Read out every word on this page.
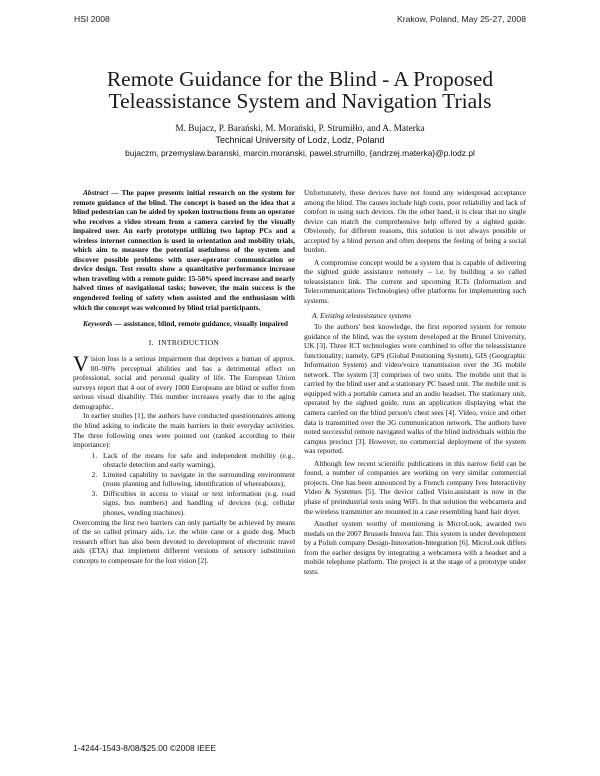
HSI 2008	Krakow, Poland, May 25-27, 2008
Remote Guidance for the Blind - A Proposed
Teleassistance System and Navigation Trials
M. Bujacz, P. Barański, M. Morański, P. Strumiłło, and A. Materka
Technical University of Lodz, Lodz, Poland
bujaczm, przemyslaw.baranski, marcin.moranski, pawel.strumillo, {andrzej.materka}@p.lodz.pl

Abstract — The paper presents initial research on the system for remote guidance of the blind. The concept is based on the idea that a blind pedestrian can be aided by spoken instructions from an operator who receives a video stream from a camera carried by the visually impaired user. An early prototype utilizing two laptop PCs and a wireless internet connection is used in orientation and mobility trials, which aim to measure the potential usefulness of the system and discover possible problems with user-operator communication or device design. Test results show a quantitative performance increase when traveling with a remote guide: 15-50% speed increase and nearly halved times of navigational tasks; however, the main success is the engendered feeling of safety when assisted and the enthusiasm with which the concept was welcomed by blind trial participants.

Keywords — assistance, blind, remote guidance, visually impaired

I. INTRODUCTION

Vision loss is a serious impairment that deprives a human of approx. 80–90% perceptual abilities and has a detrimental effect on professional, social and personal quality of life. The European Union surveys report that 4 out of every 1000 Europeans are blind or suffer from serious visual disability. This number increases yearly due to the aging demographic.

In earlier studies [1], the authors have conducted questionnaires among the blind asking to indicate the main barriers in their everyday activities. The three following ones were pointed out (ranked according to their importance):

1. Lack of the means for safe and independent mobility (e.g., obstacle detection and early warning),
2. Limited capability to navigate in the surrounding environment (route planning and following, identification of whereabouts),
3. Difficulties in access to visual or text information (e.g. road signs, bus numbers) and handling of devices (e.g. cellular phones, vending machines).

Overcoming the first two barriers can only partially be achieved by means of the so called primary aids, i.e. the white cane or a guide dog. Much research effort has also been devoted to development of electronic travel aids (ETA) that implement different versions of sensory substitution concepts to compensate for the lost vision [2].

Unfortunately, these devices have not found any widespread acceptance among the blind. The causes include high costs, poor reliability and lack of comfort in using such devices. On the other hand, it is clear that no single device can match the comprehensive help offered by a sighted guide. Obviously, for different reasons, this solution is not always possible or accepted by a blind person and often deepens the feeling of being a social burden.

A compromise concept would be a system that is capable of delivering the sighted guide assistance remotely – i.e. by building a so called teleassistance link. The current and upcoming ICTs (Information and Telecommunications Technologies) offer platforms for implementing such systems.

A. Existing teleassistance systems

To the authors' best knowledge, the first reported system for remote guidance of the blind, was the system developed at the Brunel University, UK [3]. Three ICT technologies were combined to offer the teleassistance functionality; namely, GPS (Global Positioning System), GIS (Geographic Information System) and video/voice transmission over the 3G mobile network. The system [3] comprises of two units. The mobile unit that is carried by the blind user and a stationary PC based unit. The mobile unit is equipped with a portable camera and an audio headset. The stationary unit, operated by the sighted guide, runs an application displaying what the camera carried on the blind person's chest sees [4]. Video, voice and other data is transmitted over the 3G communication network. The authors have noted successful remote navigated walks of the blind individuals within the campus precinct [3]. However, no commercial deployment of the system was reported.

Although few recent scientific publications in this narrow field can be found, a number of companies are working on very similar commercial projects. One has been announced by a French company Ives Interactivity Video & Systemes [5]. The device called Visio.assistant is now in the phase of preindustrial tests using WiFi. In that solution the webcamera and the wireless transmitter are mounted in a case resembling hand hair dryer.

Another system worthy of mentioning is MicroLook, awarded two medals on the 2007 Brussels Innova fair. This system is under development by a Polish company Design-Innovation-Integration [6]. MicroLook differs from the earlier designs by integrating a webcamera with a headset and a mobile telephone platform. The project is at the stage of a prototype under tests.

1-4244-1543-8/08/$25.00 ©2008 IEEE
